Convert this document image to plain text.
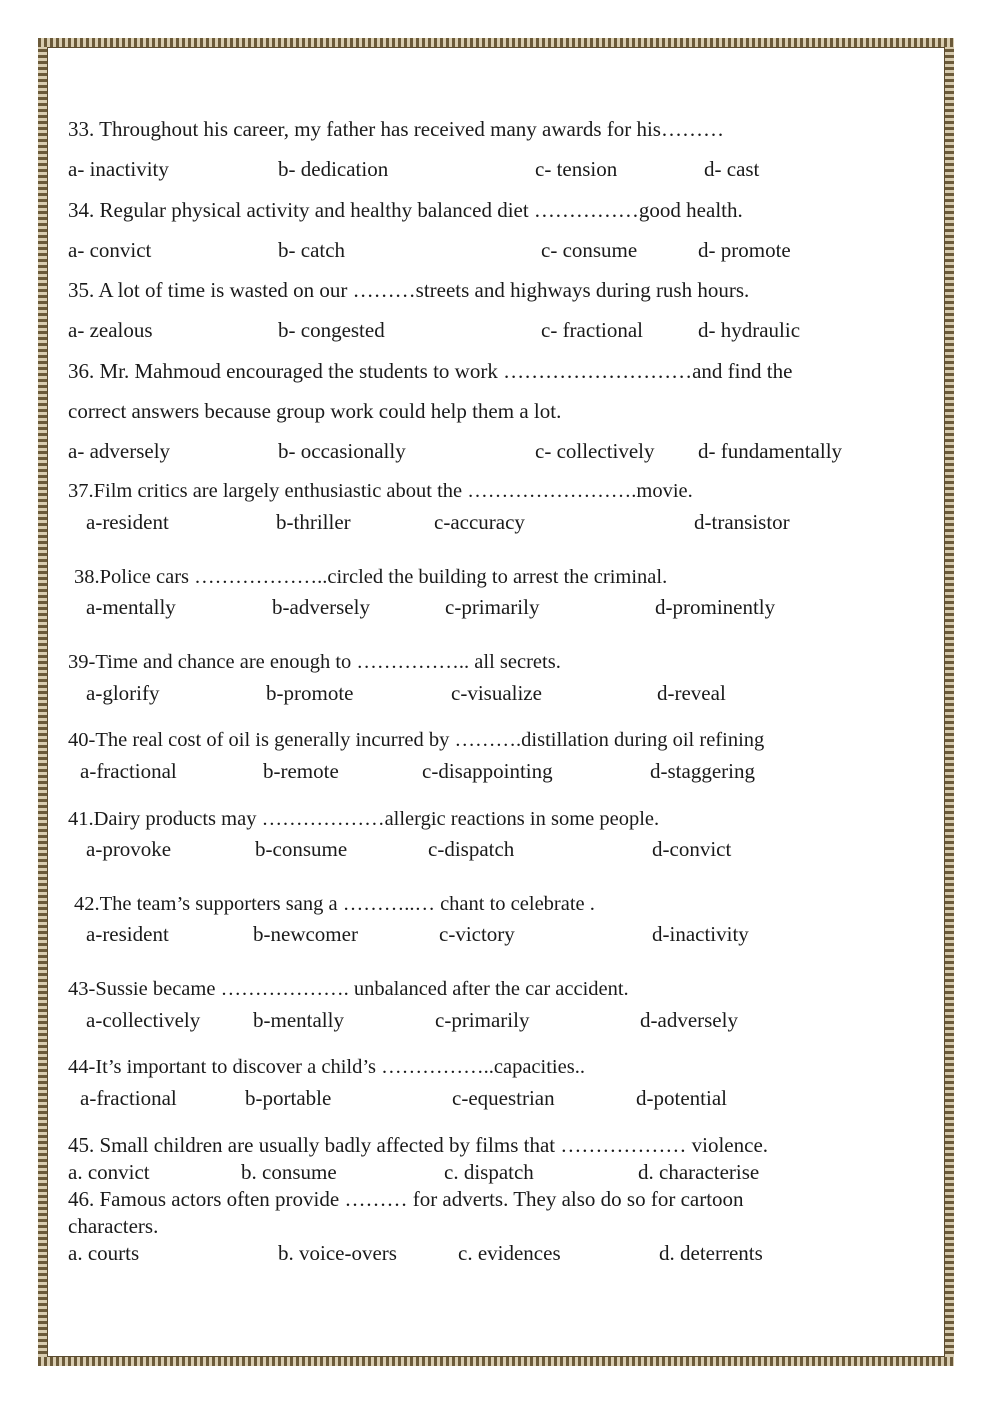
33. Throughout his career, my father has received many awards for his………
a- inactivity	b- dedication	c- tension	d- cast
34. Regular physical activity and healthy balanced diet ……………good health.
a- convict	b- catch	c- consume	d- promote
35. A lot of time is wasted on our ………streets and highways during rush hours.
a- zealous	b- congested	c- fractional	d- hydraulic
36. Mr. Mahmoud encouraged the students to work ………………………and find the
correct answers because group work could help them a lot.
a- adversely	b- occasionally	c- collectively d- fundamentally
37.Film critics are largely enthusiastic about the …………………….movie.
a-resident	b-thriller	c-accuracy	d-transistor
38.Police cars ………………..circled the building to arrest the criminal.
a-mentally	b-adversely	c-primarily	d-prominently
39-Time and chance are enough to …………….. all secrets.
a-glorify	b-promote	c-visualize	d-reveal
40-The real cost of oil is generally incurred by ……….distillation during oil refining
a-fractional	b-remote	c-disappointing	d-staggering
41.Dairy products may ………………allergic reactions in some people.
a-provoke	b-consume	c-dispatch	d-convict
42.The team’s supporters sang a ………..… chant to celebrate .
a-resident	b-newcomer	c-victory	d-inactivity
43-Sussie became ………………. unbalanced after the car accident.
a-collectively	b-mentally	c-primarily	d-adversely
44-It’s important to discover a child’s ……………..capacities..
a-fractional	b-portable	c-equestrian	d-potential
45. Small children are usually badly affected by films that ……………… violence.
a. convict	b. consume	c. dispatch	d. characterise
46. Famous actors often provide ……… for adverts. They also do so for cartoon
characters.
a. courts	b. voice-overs	c. evidences	d. deterrents
